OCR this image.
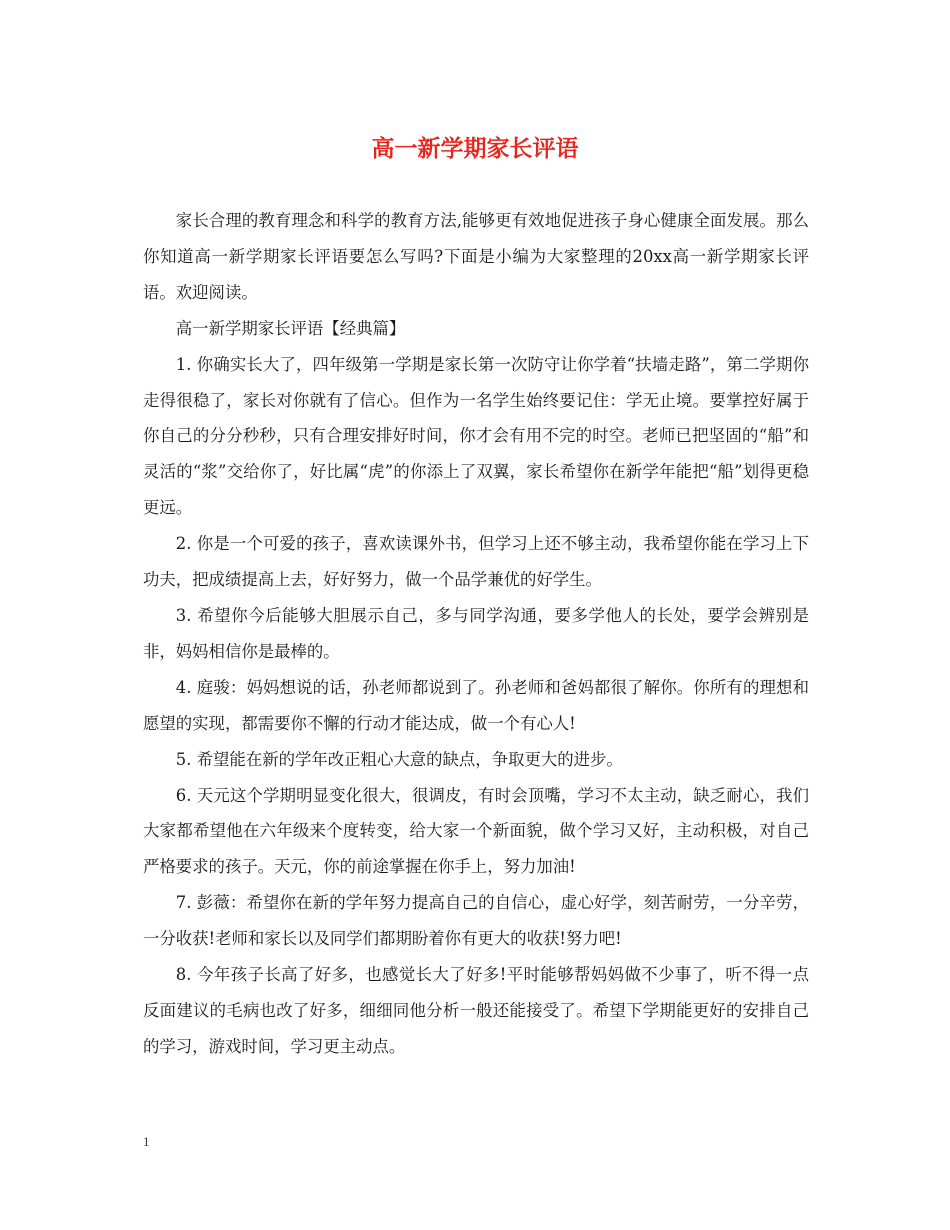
高一新学期家长评语

家长合理的教育理念和科学的教育方法,能够更有效地促进孩子身心健康全面发展。那么你知道高一新学期家长评语要怎么写吗?下面是小编为大家整理的20xx高一新学期家长评语。欢迎阅读。

高一新学期家长评语【经典篇】

1. 你确实长大了，四年级第一学期是家长第一次防守让你学着“扶墙走路”，第二学期你走得很稳了，家长对你就有了信心。但作为一名学生始终要记住：学无止境。要掌控好属于你自己的分分秒秒，只有合理安排好时间，你才会有用不完的时空。老师已把坚固的“船”和灵活的“浆”交给你了，好比属“虎”的你添上了双翼，家长希望你在新学年能把“船”划得更稳更远。

2. 你是一个可爱的孩子，喜欢读课外书，但学习上还不够主动，我希望你能在学习上下功夫，把成绩提高上去，好好努力，做一个品学兼优的好学生。

3. 希望你今后能够大胆展示自己，多与同学沟通，要多学他人的长处，要学会辨别是非，妈妈相信你是最棒的。

4. 庭骏：妈妈想说的话，孙老师都说到了。孙老师和爸妈都很了解你。你所有的理想和愿望的实现，都需要你不懈的行动才能达成，做一个有心人!

5. 希望能在新的学年改正粗心大意的缺点，争取更大的进步。

6. 天元这个学期明显变化很大，很调皮，有时会顶嘴，学习不太主动，缺乏耐心，我们大家都希望他在六年级来个度转变，给大家一个新面貌，做个学习又好，主动积极，对自己严格要求的孩子。天元，你的前途掌握在你手上，努力加油!

7. 彭薇：希望你在新的学年努力提高自己的自信心，虚心好学，刻苦耐劳，一分辛劳，一分收获!老师和家长以及同学们都期盼着你有更大的收获!努力吧!

8. 今年孩子长高了好多，也感觉长大了好多!平时能够帮妈妈做不少事了，听不得一点反面建议的毛病也改了好多，细细同他分析一般还能接受了。希望下学期能更好的安排自己的学习，游戏时间，学习更主动点。

1
